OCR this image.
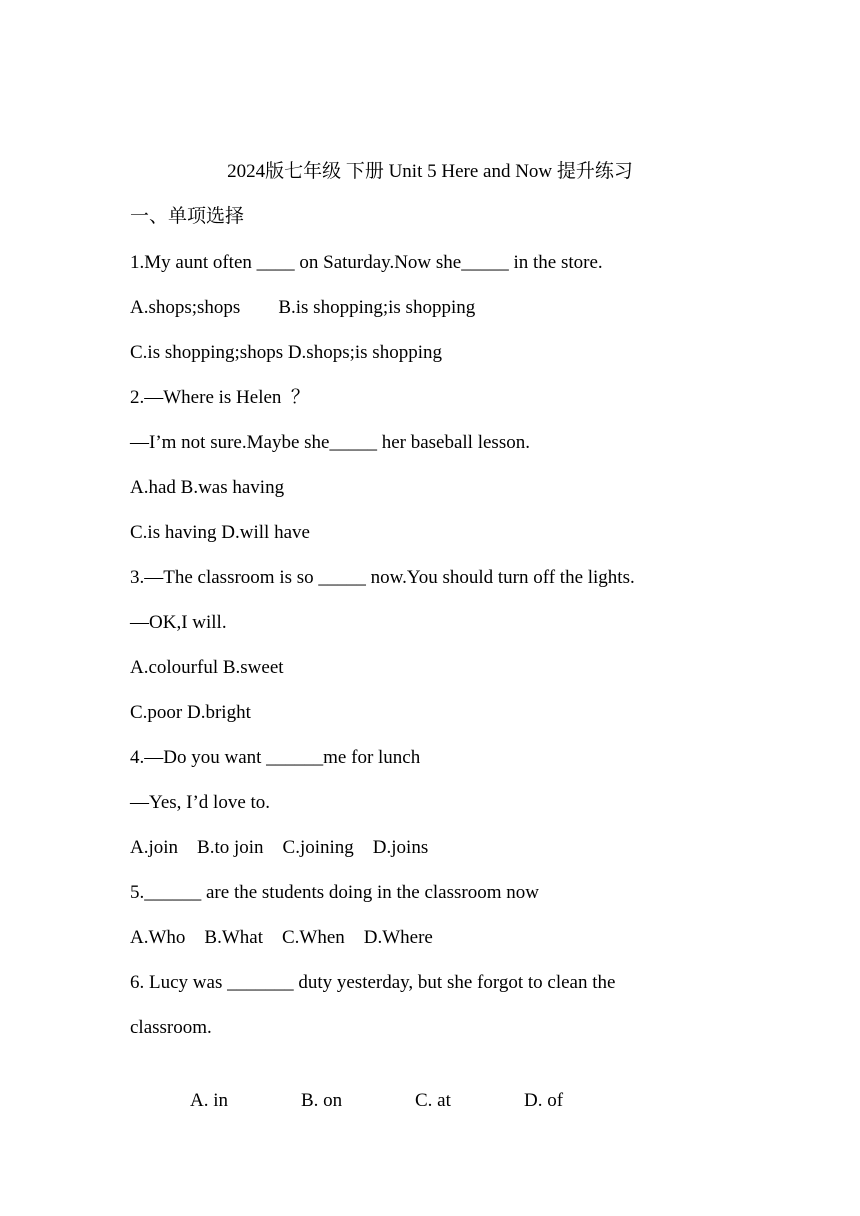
2024版七年级 下册 Unit 5 Here and Now 提升练习
一、单项选择
1.My aunt often ____ on Saturday.Now she_____ in the store.
A.shops;shops        B.is shopping;is shopping
C.is shopping;shops D.shops;is shopping
2.—Where is Helen  ？
—I’m not sure.Maybe she_____ her baseball lesson.
A.had B.was having
C.is having D.will have
3.—The classroom is so _____ now.You should turn off the lights.
—OK,I will.
A.colourful B.sweet
C.poor D.bright
4.—Do you want ______me for lunch
—Yes, I’d love to.
A.join    B.to join    C.joining    D.joins
5.______ are the students doing in the classroom now
A.Who    B.What    C.When    D.Where
6. Lucy was _______ duty yesterday, but she forgot to clean the
classroom.

A. in	B. on	C. at	D. of
